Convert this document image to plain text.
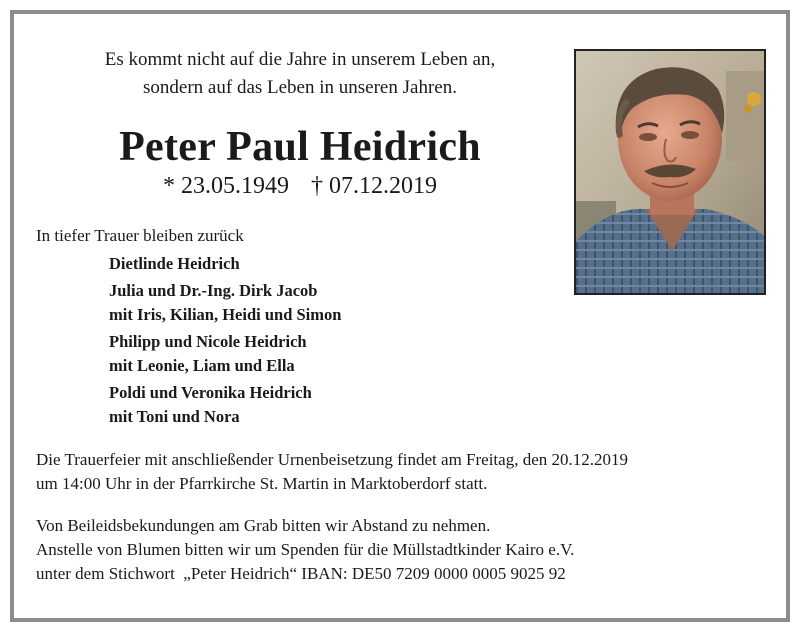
Es kommt nicht auf die Jahre in unserem Leben an,
sondern auf das Leben in unseren Jahren.
Peter Paul Heidrich
* 23.05.1949 † 07.12.2019
In tiefer Trauer bleiben zurück
Dietlinde Heidrich
Julia und Dr.-Ing. Dirk Jacob
mit Iris, Kilian, Heidi und Simon
Philipp und Nicole Heidrich
mit Leonie, Liam und Ella
Poldi und Veronika Heidrich
mit Toni und Nora
Die Trauerfeier mit anschließender Urnenbeisetzung findet am Freitag, den 20.12.2019
um 14:00 Uhr in der Pfarrkirche St. Martin in Marktoberdorf statt.
Von Beileidsbekundungen am Grab bitten wir Abstand zu nehmen.
Anstelle von Blumen bitten wir um Spenden für die Müllstadtkinder Kairo e.V.
unter dem Stichwort  „Peter Heidrich“ IBAN: DE50 7209 0000 0005 9025 92
